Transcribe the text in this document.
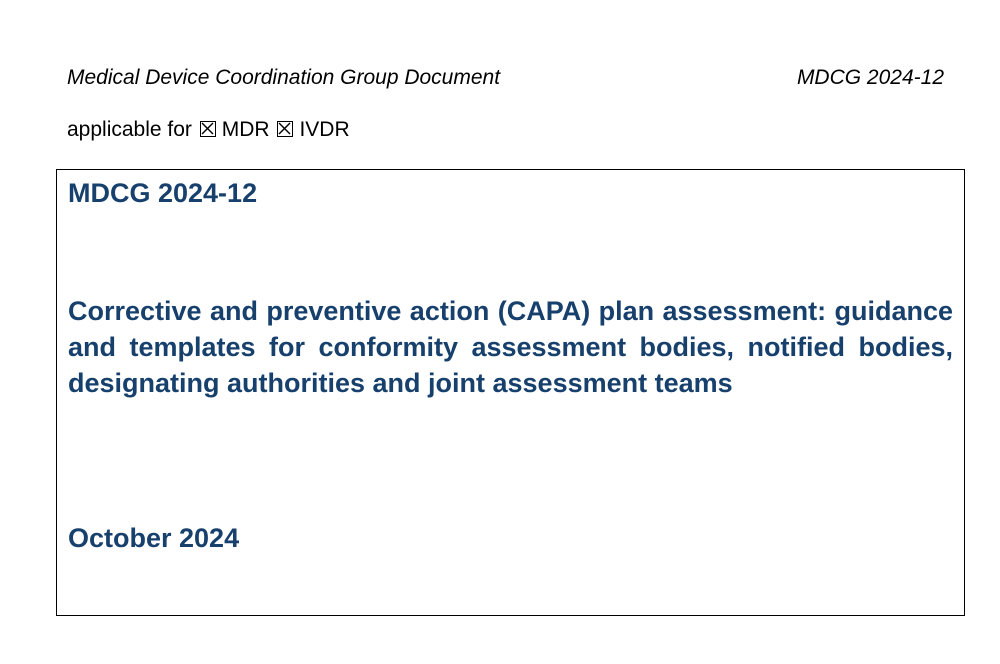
Medical Device Coordination Group Document	MDCG 2024-12
applicable for MDR IVDR
MDCG 2024-12
Corrective and preventive action (CAPA) plan assessment: guidance and templates for conformity assessment bodies, notified bodies, designating authorities and joint assessment teams
October 2024
